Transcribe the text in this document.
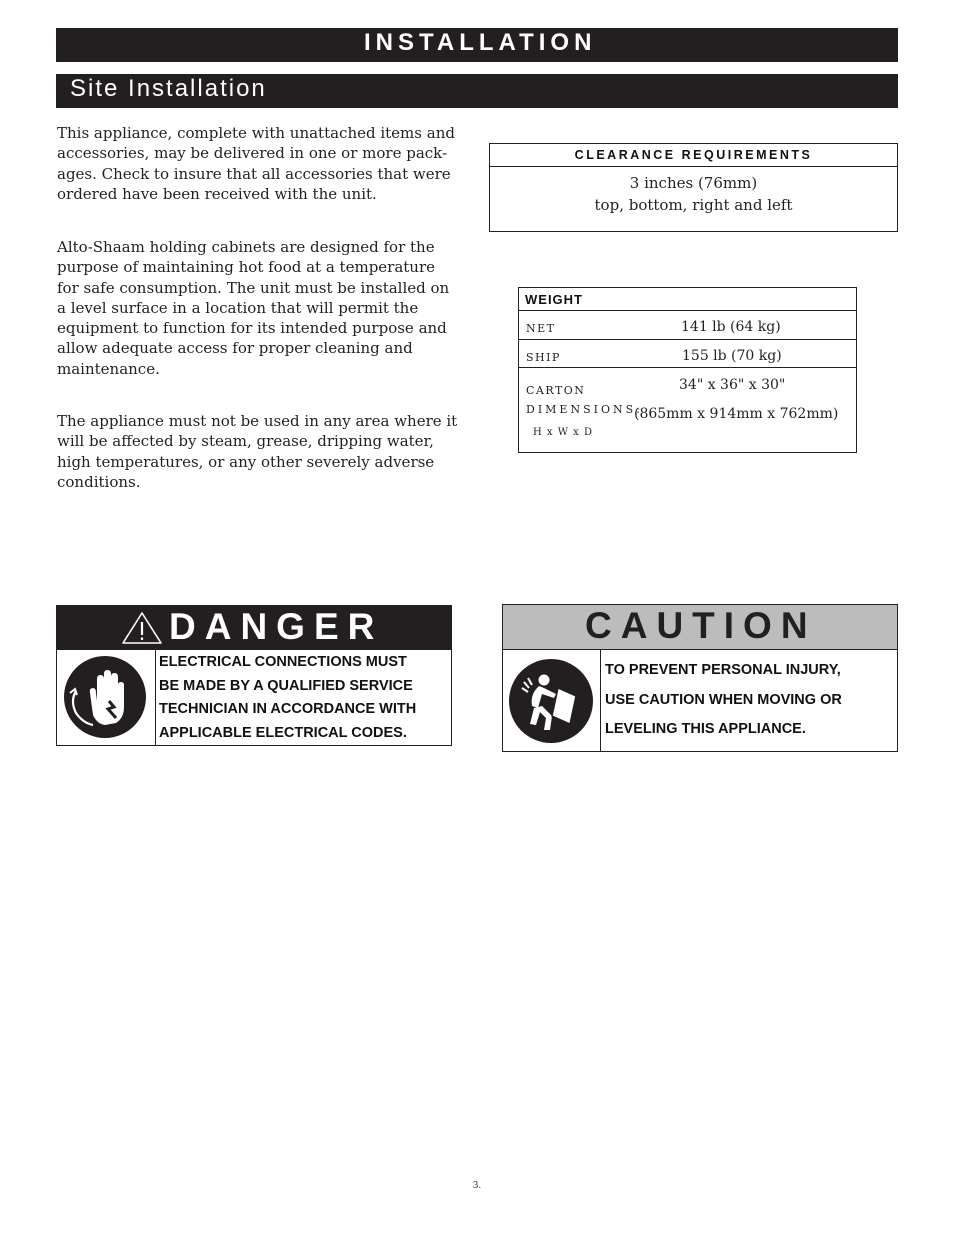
INSTALLATION
Site Installation

This appliance, complete with unattached items and accessories, may be delivered in one or more pack-ages. Check to insure that all accessories that were ordered have been received with the unit.

Alto-Shaam holding cabinets are designed for the purpose of maintaining hot food at a temperature for safe consumption. The unit must be installed on a level surface in a location that will permit the equipment to function for its intended purpose and allow adequate access for proper cleaning and maintenance.

The appliance must not be used in any area where it will be affected by steam, grease, dripping water, high temperatures, or any other severely adverse conditions.

CLEARANCE REQUIREMENTS
3 inches (76mm)
top, bottom, right and left
WEIGHT
NET	141 lb (64 kg)
SHIP	155 lb (70 kg)
CARTON
DIMENSIONS:
H x W x D
34" x 36" x 30"
(865mm x 914mm x 762mm)
DANGER
ELECTRICAL CONNECTIONS MUST
BE MADE BY A QUALIFIED SERVICE
TECHNICIAN IN ACCORDANCE WITH
APPLICABLE ELECTRICAL CODES.
CAUTION
TO PREVENT PERSONAL INJURY,
USE CAUTION WHEN MOVING OR
LEVELING THIS APPLIANCE.
3.
